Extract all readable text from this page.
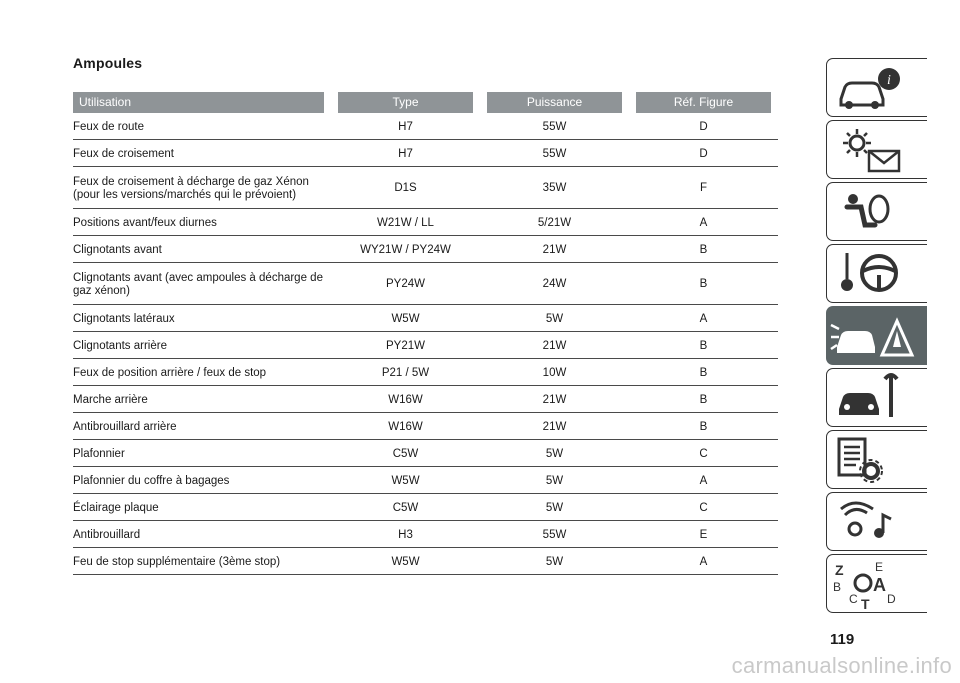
Ampoules
Utilisation	Type	Puissance	Réf. Figure
Feux de route	H7	55W	D
Feux de croisement	H7	55W	D
Feux de croisement à décharge de gaz Xénon (pour les versions/marchés qui le prévoient)
D1S	35W	F
Positions avant/feux diurnes	W21W / LL	5/21W	A
Clignotants avant	WY21W / PY24W	21W	B
Clignotants avant (avec ampoules à décharge de gaz xénon)
PY24W	24W	B
Clignotants latéraux	W5W	5W	A
Clignotants arrière	PY21W	21W	B
Feux de position arrière / feux de stop	P21 / 5W	10W	B
Marche arrière	W16W	21W	B
Antibrouillard arrière	W16W	21W	B
Plafonnier	C5W	5W	C
Plafonnier du coffre à bagages	W5W	5W	A
Éclairage plaque	C5W	5W	C
Antibrouillard	H3	55W	E
Feu de stop supplémentaire (3ème stop)	W5W	5W	A
i
Z	E
B A
C T D
119
carmanualsonline.info
